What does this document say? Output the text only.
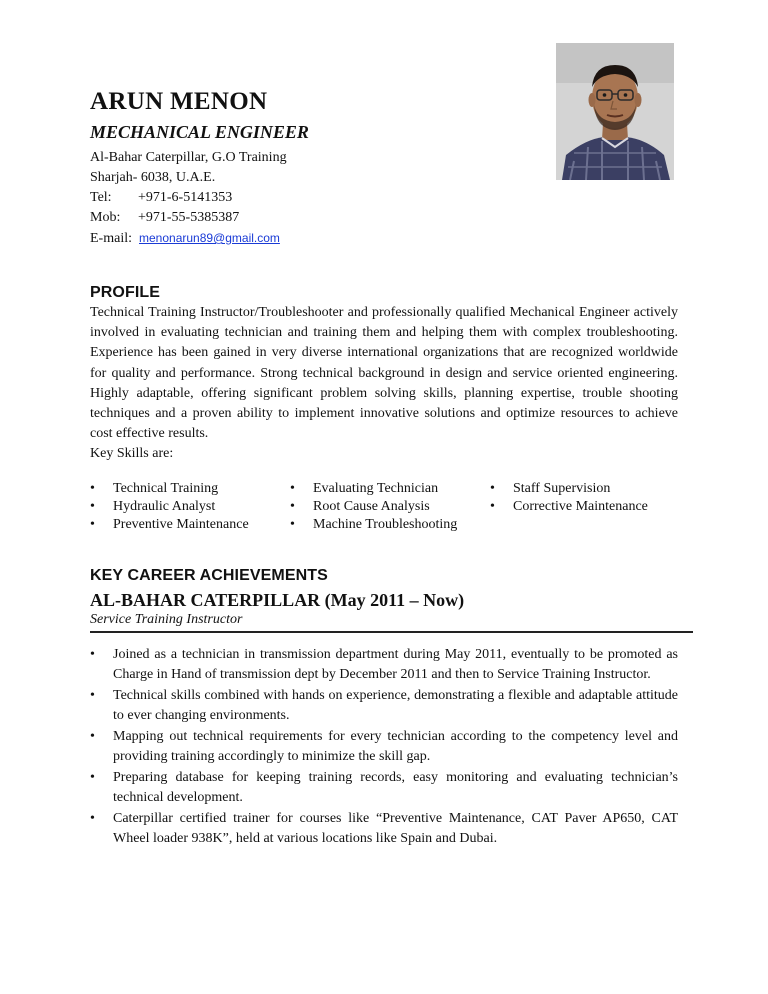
ARUN MENON
MECHANICAL ENGINEER
Al-Bahar Caterpillar, G.O Training
Sharjah- 6038, U.A.E.
Tel: +971-6-5141353
Mob: +971-55-5385387
E-mail: menonarun89@gmail.com
PROFILE
Technical Training Instructor/Troubleshooter and professionally qualified Mechanical Engineer actively involved in evaluating technician and training them and helping them with complex troubleshooting. Experience has been gained in very diverse international organizations that are recognized worldwide for quality and performance. Strong technical background in design and service oriented engineering. Highly adaptable, offering significant problem solving skills, planning expertise, trouble shooting techniques and a proven ability to implement innovative solutions and optimize resources to achieve cost effective results.
Key Skills are:
• Technical Training	• Evaluating Technician	• Staff Supervision
• Hydraulic Analyst	• Root Cause Analysis	• Corrective Maintenance
• Preventive Maintenance	• Machine Troubleshooting
KEY CAREER ACHIEVEMENTS
AL-BAHAR CATERPILLAR (May 2011 – Now)
Service Training Instructor
• Joined as a technician in transmission department during May 2011, eventually to be promoted as Charge in Hand of transmission dept by December 2011 and then to Service Training Instructor.
• Technical skills combined with hands on experience, demonstrating a flexible and adaptable attitude to ever changing environments.
• Mapping out technical requirements for every technician according to the competency level and providing training accordingly to minimize the skill gap.
• Preparing database for keeping training records, easy monitoring and evaluating technician’s technical development.
• Caterpillar certified trainer for courses like “Preventive Maintenance, CAT Paver AP650, CAT Wheel loader 938K”, held at various locations like Spain and Dubai.
